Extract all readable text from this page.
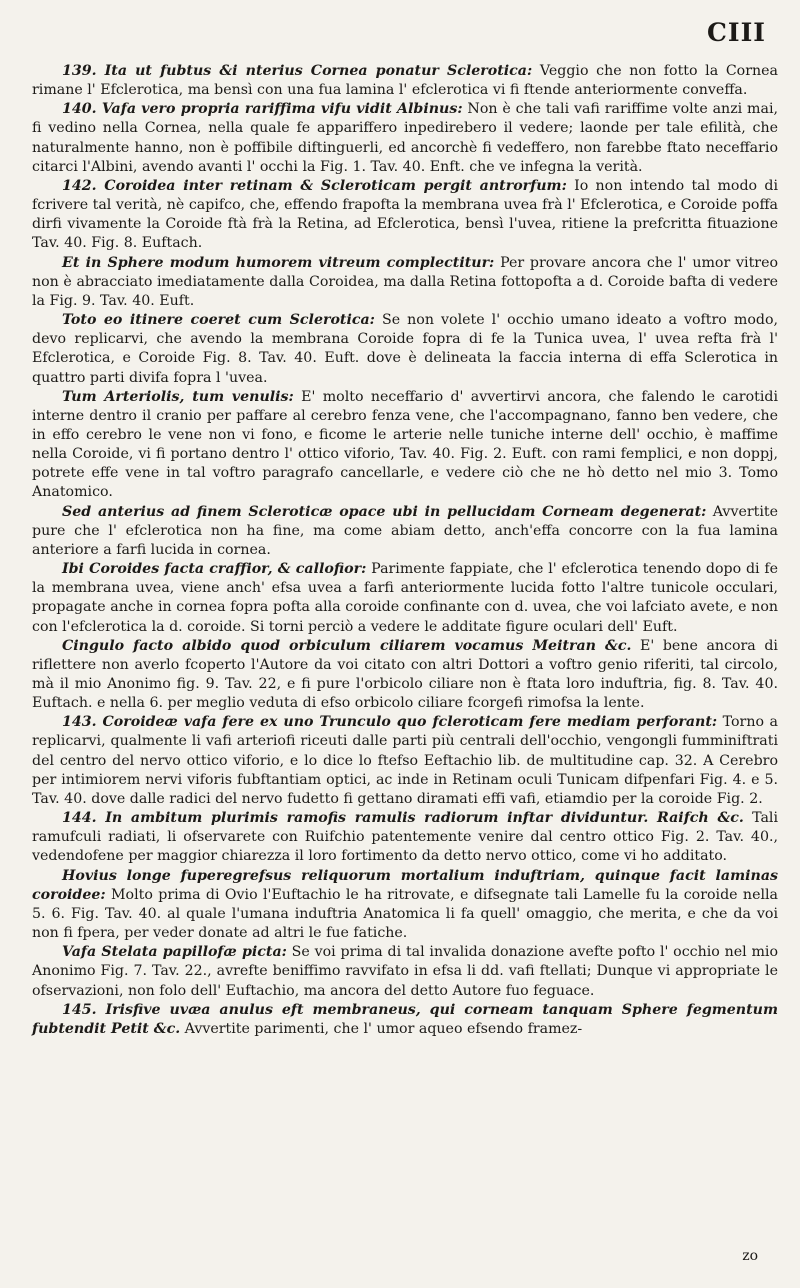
CIII

139. Ita ut fubtus &i nterius Cornea ponatur Sclerotica: Veggio che non fotto la Cornea rimane l' Efclerotica, ma bensì con una fua lamina l' efclerotica vi fi ftende anteriormente conveffa.

140. Vafa vero propria rariffima vifu vidit Albinus: Non è che tali vafi rariffime volte anzi mai, fi vedino nella Cornea, nella quale fe appariffero inpedirebero il vedere; laonde per tale efilità, che naturalmente hanno, non è poffibile diftinguerli, ed ancorchè fi vedeffero, non farebbe ftato neceffario citarci l'Albini, avendo avanti l' occhi la Fig. 1. Tav. 40. Enft. che ve infegna la verità.

142. Coroidea inter retinam & Scleroticam pergit antrorfum: Io non intendo tal modo di fcrivere tal verità, nè capifco, che, effendo frapofta la membrana uvea frà l' Efclerotica, e Coroide poffa dirfi vivamente la Coroide ftà frà la Retina, ad Efclerotica, bensì l'uvea, ritiene la prefcritta fituazione Tav. 40. Fig. 8. Euftach.

Et in Sphere modum humorem vitreum complectitur: Per provare ancora che l' umor vitreo non è abracciato imediatamente dalla Coroidea, ma dalla Retina fottopofta a d. Coroide bafta di vedere la Fig. 9. Tav. 40. Euft.

Toto eo itinere coeret cum Sclerotica: Se non volete l' occhio umano ideato a voftro modo, devo replicarvi, che avendo la membrana Coroide fopra di fe la Tunica uvea, l' uvea refta frà l' Efclerotica, e Coroide Fig. 8. Tav. 40. Euft. dove è delineata la faccia interna di effa Sclerotica in quattro parti divifa fopra l 'uvea.

Tum Arteriolis, tum venulis: E' molto neceffario d' avvertirvi ancora, che falendo le carotidi interne dentro il cranio per paffare al cerebro fenza vene, che l'accompagnano, fanno ben vedere, che in effo cerebro le vene non vi fono, e ficome le arterie nelle tuniche interne dell' occhio, è maffime nella Coroide, vi fi portano dentro l' ottico viforio, Tav. 40. Fig. 2. Euft. con rami femplici, e non doppj, potrete effe vene in tal voftro paragrafo cancellarle, e vedere ciò che ne hò detto nel mio 3. Tomo Anatomico.

Sed anterius ad finem Scleroticæ opace ubi in pellucidam Corneam degenerat: Avvertite pure che l' efclerotica non ha fine, ma come abiam detto, anch'effa concorre con la fua lamina anteriore a farfi lucida in cornea.

Ibi Coroides facta craffior, & callofior: Parimente fappiate, che l' efclerotica tenendo dopo di fe la membrana uvea, viene anch' efsa uvea a farfi anteriormente lucida fotto l'altre tunicole occulari, propagate anche in cornea fopra pofta alla coroide confinante con d. uvea, che voi lafciato avete, e non con l'efclerotica la d. coroide. Si torni perciò a vedere le additate figure oculari dell' Euft.

Cingulo facto albido quod orbiculum ciliarem vocamus Meitran &c. E' bene ancora di riflettere non averlo fcoperto l'Autore da voi citato con altri Dottori a voftro genio riferiti, tal circolo, mà il mio Anonimo fig. 9. Tav. 22, e fi pure l'orbicolo ciliare non è ftata loro induftria, fig. 8. Tav. 40. Euftach. e nella 6. per meglio veduta di efso orbicolo ciliare fcorgefi rimofsa la lente.

143. Coroideæ vafa fere ex uno Trunculo quo fcleroticam fere mediam perforant: Torno a replicarvi, qualmente li vafi arteriofi riceuti dalle parti più centrali dell'occhio, vengongli fumminiftrati del centro del nervo ottico viforio, e lo dice lo ftefso Eeftachio lib. de multitudine cap. 32. A Cerebro per intimiorem nervi viforis fubftantiam optici, ac inde in Retinam oculi Tunicam difpenfari Fig. 4. e 5. Tav. 40. dove dalle radici del nervo fudetto fi gettano diramati effi vafi, etiamdio per la coroide Fig. 2.

144. In ambitum plurimis ramofis ramulis radiorum inftar dividuntur. Raifch &c. Tali ramufculi radiati, li ofservarete con Ruifchio patentemente venire dal centro ottico Fig. 2. Tav. 40., vedendofene per maggior chiarezza il loro fortimento da detto nervo ottico, come vi ho additato.

Hovius longe fuperegrefsus reliquorum mortalium induftriam, quinque facit laminas coroidee: Molto prima di Ovio l'Euftachio le ha ritrovate, e difsegnate tali Lamelle fu la coroide nella 5. 6. Fig. Tav. 40. al quale l'umana induftria Anatomica li fa quell' omaggio, che merita, e che da voi non fi fpera, per veder donate ad altri le fue fatiche.

Vafa Stelata papillofæ picta: Se voi prima di tal invalida donazione avefte pofto l' occhio nel mio Anonimo Fig. 7. Tav. 22., avrefte beniffimo ravvifato in efsa li dd. vafi ftellati; Dunque vi appropriate le ofservazioni, non folo dell' Euftachio, ma ancora del detto Autore fuo feguace.

145. Irisfive uvæa anulus eft membraneus, qui corneam tanquam Sphere fegmentum fubtendit Petit &c. Avvertite parimenti, che l' umor aqueo efsendo framez-

zo
